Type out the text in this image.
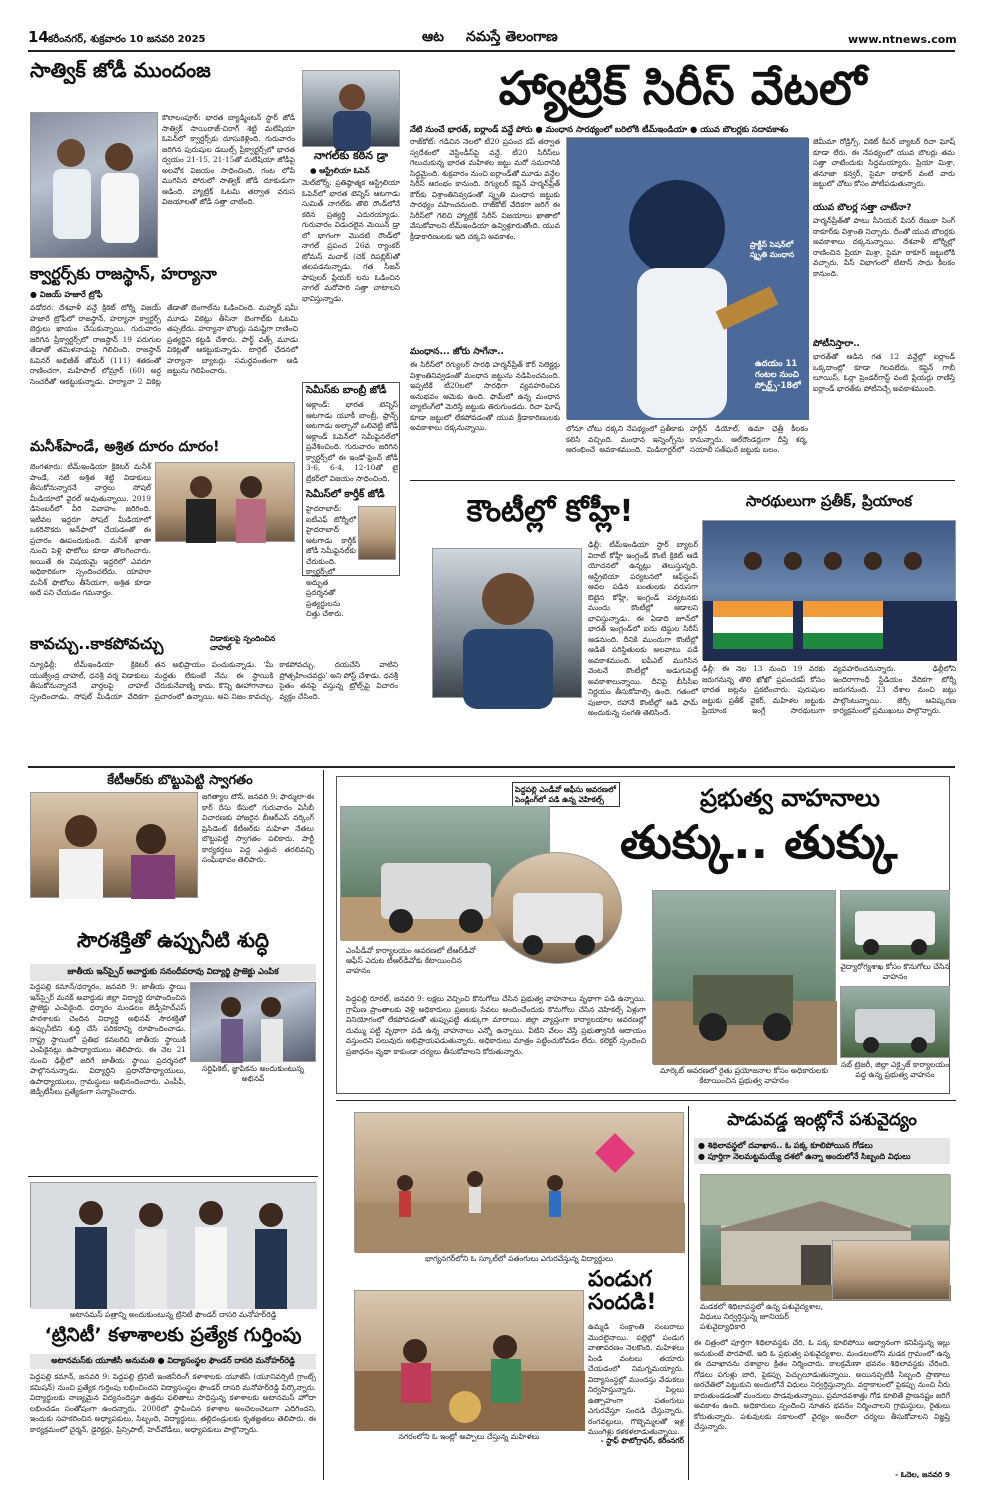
14 కరీంనగర్, శుక్రవారం 10 జనవరి 2025	ఆట నమస్తే తెలంగాణ	www.ntnews.com
సాత్విక్ జోడీ ముందంజ
కౌలాలంపూర్: భారత బ్యాడ్మింటన్ స్టార్ జోడీ సాత్విక్ సాయిరాజ్-చిరాగ్ శెట్టి మలేషియా ఓపెన్‌లో క్వార్టర్స్‌కు దూసుకెళ్లింది. గురువారం జరిగిన పురుషుల డబుల్స్ ప్రీక్వార్టర్స్‌లో భారత ద్వయం 21-15, 21-15తో మలేషియా జోడీపై అలవోక విజయం సాధించింది. గంట లోపే ముగిసిన పోరులో సాత్విక్ జోడీ దూకుడుగా ఆడింది. హ్యాట్రిక్ ఓటమి తర్వాత వరుస విజయాలతో జోడీ సత్తా చాటింది.
నాగల్‌కు కఠిన డ్రా
● ఆస్ట్రేలియా ఓపెన్
మెల్‌బోర్న్: ప్రతిష్ఠాత్మక ఆస్ట్రేలియా ఓపెన్‌లో భారత టెన్నిస్ ఆటగాడు సుమిత్ నాగల్‌కు తొలి రౌండ్‌లోనే కఠిన ప్రత్యర్థి ఎదురయ్యాడు. గురువారం విడుదలైన మెయిన్ డ్రా లో భాగంగా మొదటి రౌండ్‌లో నాగల్ ప్రపంచ 26వ ర్యాంకర్ టోమస్ మచాక్ (చెక్ రిపబ్లిక్)తో తలపడనున్నాడు. గత సీజన్ పాపులర్ ప్లేయర్ లను ఓడించిన నాగల్ మరోసారి సత్తా చాటాలని భావిస్తున్నాడు.
క్వార్టర్స్‌కు రాజస్థాన్, హర్యానా
● విజయ్ హజారే ట్రోఫీ
వడోదర: దేశవాళీ వన్డే క్రికెట్ టోర్నీ విజయ్ హజారే ట్రోఫీలో రాజస్థాన్, హర్యానా క్వార్టర్స్ బెర్తులు ఖాయం చేసుకున్నాయి. గురువారం జరిగిన ప్రీక్వార్టర్స్‌లో రాజస్థాన్ 19 పరుగుల తేడాతో తమిళనాడుపై గెలిచింది. రాజస్థాన్ ఓపెనర్ అభిజీత్ తోమర్ (111) శతకంతో రాణించగా, మహిపాల్ లోమ్రార్ (60) అర్ధ సెంచరీతో ఆకట్టుకున్నాడు. హర్యానా 2 వికెట్ల తేడాతో బెంగాల్‌ను ఓడించింది. మహ్మద్ షమీ మూడు వికెట్లు తీసినా బెంగాల్‌కు ఓటమి తప్పలేదు. హర్యానా బౌలర్లు సమష్టిగా రాణించి ప్రత్యర్థిని కట్టడి చేశారు. పార్థ్ వత్స్ మూడు వికెట్లతో ఆకట్టుకున్నాడు. టార్గెట్ ఛేదనలో హర్యానా బ్యాటర్లు సమర్థవంతంగా ఆడి జట్టును గెలిపించారు.
సెమీస్‌కు బాంబ్రీ జోడీ
ఆక్లాండ్: భారత టెన్నిస్ ఆటగాడు యూకీ బాంబ్రీ, ఫ్రాన్స్ ఆటగాడు అల్బానో ఒలివెట్టి జోడీ ఆక్లాండ్ ఓపెన్‌లో సెమీఫైనల్‌లో ప్రవేశించింది. గురువారం జరిగిన క్వార్టర్స్‌లో ఈ ఇండో-ఫ్రెంచ్ జోడీ 3-6, 6-4, 12-10తో టై బ్రేకర్‌లో విజయం సాధించింది.
సెమీస్‌లో కార్తీక్ జోడీ
హైదరాబాద్: ఐటీఎఫ్ టోర్నీలో హైదరాబాద్ ఆటగాడు కార్తీక్ జోడీ సెమీఫైనల్‌కు చేరుకుంది. క్వార్టర్స్‌లో అద్భుత ప్రదర్శనతో ప్రత్యర్థులను చిత్తు చేశారు.
మనీశ్‌పాండే, అశ్రిత దూరం దూరం!
బెంగళూరు: టీమ్‌ఇండియా క్రికెటర్ మనీశ్ పాండే, నటి అశ్రిత శెట్టి విడాకులు తీసుకోనున్నారనే వార్తలు సోషల్ మీడియాలో వైరల్ అవుతున్నాయి. 2019 డిసెంబర్‌లో వీరి వివాహం జరిగింది. ఇటీవల ఇద్దరూ సోషల్ మీడియాలో ఒకరినొకరు అన్‌ఫాలో చేయడంతో ఈ ప్రచారం ఊపందుకుంది. మనీశ్ ఖాతా నుంచి పెళ్లి ఫొటోలు కూడా తొలగించారు. అయితే ఈ విషయమై ఇద్దరిలో ఎవరూ అధికారికంగా స్పందించలేదు. యాహూ మనీశ్ ఫొటోలు తీసేయగా, అశ్రిత కూడా అదే పని చేయడం గమనార్హం.
కావచ్చు..కాకపోవచ్చు	విడాకులపై స్పందించిన చాహల్
న్యూఢిల్లీ: టీమ్‌ఇండియా క్రికెటర్ యుజ్వేంద్ర చాహల్, ధనశ్రీ వర్మ విడాకులు తీసుకోనున్నారనే వార్తలపై చాహల్ స్పందించాడు. సోషల్ మీడియా వేదికగా తన అభిప్రాయం పంచుకున్నాడు. ‘మీ మద్దతు లేకుంటే నేను ఈ స్థాయికి చేరుకునేవాణ్ని కాదు. కొన్ని ఊహాగానాలు ప్రచారంలో ఉన్నాయి. అవి నిజం కావచ్చు, కాకపోవచ్చు. దయచేసి వాటిని ప్రోత్సహించవద్దు’ అని పోస్ట్ చేశాడు. ధనశ్రీ సైతం తనపై వస్తున్న ట్రోల్స్‌పై విచారం వ్యక్తం చేసింది.
హ్యాట్రిక్ సిరీస్ వేటలో
నేటి నుంచే భారత్, ఐర్లాండ్ వన్డే పోరు ● మంధాన సారథ్యంలో బరిలోకి టీమ్‌ఇండియా ● యువ బౌలర్లకు సదావకాశం
రాజ్‌కోట్: గడిచిన నెలలో టీ20 ప్రపంచ కప్ తర్వాత స్వదేశంలో వెస్టిండీస్‌పై వన్డే, టీ20 సిరీస్‌లు గెలుచుకున్న భారత మహిళల జట్టు మరో సమరానికి సిద్ధమైంది. శుక్రవారం నుంచి ఐర్లాండ్‌తో మూడు వన్డేల సిరీస్ ఆరంభం కానుంది. రెగ్యులర్ కెప్టెన్ హర్మన్‌ప్రీత్ కౌర్‌కు విశ్రాంతినివ్వడంతో స్మృతి మంధాన జట్టుకు సారథ్యం వహించనుంది. రాజ్‌కోట్ వేదికగా జరిగే ఈ సిరీస్‌లో గెలిచి హ్యాట్రిక్ సిరీస్ విజయాలు ఖాతాలో వేసుకోవాలని టీమ్‌ఇండియా ఉవ్విళ్లూరుతోంది. యువ క్రీడాకారిణులకు ఇది చక్కని అవకాశం.
మంధాన... జోరు సాగేనా..
ఈ సిరీస్‌లో రెగ్యులర్ సారథి హర్మన్‌ప్రీత్ కౌర్ సెలెక్టర్లు విశ్రాంతినివ్వడంతో మంధాన జట్టును నడిపించనుంది. ఇప్పటికే టీ20లలో సారథిగా వ్యవహరించిన అనుభవం ఆమెకు ఉంది. ఫామ్‌లో ఉన్న మంధాన బ్యాటింగ్‌లో మెరిస్తే జట్టుకు తిరుగుండదు. రిచా ఘోష్ కూడా జట్టులో లేకపోవడంతో యువ క్రీడాకారిణులకు అవకాశాలు దక్కనున్నాయి.
ప్రాక్టీస్ సెషన్‌లో స్మృతి మంధాన
ఉదయం 11 గంటల నుంచి స్పోర్ట్స్-18లో
జెమీమా రోడ్రిగ్స్, వికెట్ కీపర్ బ్యాటర్ రిచా ఘోష్ కూడా లేరు. ఈ నేపథ్యంలో యువ బౌలర్లు తమ సత్తా చాటేందుకు సిద్ధమయ్యారు. ప్రియా మిశ్రా, తనూజా కన్వర్, సైమా ఠాకూర్ వంటి వారు జట్టులో చోటు కోసం పోటీపడుతున్నారు.
యువ బౌలర్ల సత్తా చాటేనా?
హర్మన్‌ప్రీత్‌తో పాటు సీనియర్ పేసర్ రేణుకా సింగ్ ఠాకూర్‌కు విశ్రాంతి నిచ్చారు. దీంతో యువ బౌలర్లకు అవకాశాలు దక్కనున్నాయి. దేశవాళీ టోర్నీల్లో రాణించిన ప్రియా మిశ్రా, సైమా ఠాకూర్ జట్టులోకి వచ్చారు. పేస్ విభాగంలో టిటాస్ సాధు కీలకం కానుంది.
పోటీనిస్తారా..
భారత్‌తో ఆడిన గత 12 వన్డేల్లో ఐర్లాండ్ ఒక్కదాంట్లో కూడా గెలవలేదు. కెప్టెన్ గాబీ లూయిస్, ఓర్లా ప్రెండర్‌గాస్ట్ వంటి ప్లేయర్లు రాణిస్తే ఐర్లాండ్ భారత్‌కు పోటీనిచ్చే అవకాశముంది.
లోనూ చోటు దక్కని నేపథ్యంలో ప్రతీకాకు కలిసి వచ్చింది. మంధాన ఇన్నింగ్స్‌ను ఆరంభించే అవకాశముంది. మిడిలార్డర్‌లో హర్లీన్ డియోల్, ఉమా ఛెత్రీ కీలకం కానున్నారు. ఆల్‌రౌండర్లుగా దీప్తి శర్మ, సయాలీ సత్‌ఘరే జట్టుకు బలం.
కౌంటీల్లో కోహ్లీ!
ఢిల్లీ: టీమ్‌ఇండియా స్టార్ బ్యాటర్ విరాట్ కోహ్లీ ఇంగ్లండ్ కౌంటీ క్రికెట్ ఆడే యోచనలో ఉన్నట్లు తెలుస్తున్నది. ఆస్ట్రేలియా పర్యటనలో ఆఫ్‌స్టంప్ ఆవల పడిన బంతులకు వరుసగా ఔటైన కోహ్లీ, ఇంగ్లండ్ పర్యటనకు ముందు కౌంటీల్లో ఆడాలని భావిస్తున్నాడు. ఈ ఏడాది జూన్‌లో భారత్ ఇంగ్లండ్‌లో ఐదు టెస్టుల సిరీస్ ఆడనుంది. దీనికి ముందుగా కౌంటీల్లో ఆడితే పరిస్థితులకు అలవాటు పడే అవకాశముంది. ఐపీఎల్ ముగిసిన వెంటనే కౌంటీల్లో అడుగుపెట్టే అవకాశాలున్నాయి. దీనిపై బీసీసీఐ నిర్ణయం తీసుకోవాల్సి ఉంది. గతంలో పుజారా, రహానే కౌంటీల్లో ఆడి ఫామ్ అందుకున్న సంగతి తెలిసిందే.
సారథులుగా ప్రతీక్, ప్రియాంక
ఢిల్లీ: ఈ నెల 13 నుంచి 19 వరకు జరుగనున్న తొలి ఖోఖో ప్రపంచకప్ కోసం భారత జట్లను ప్రకటించారు. పురుషుల జట్టుకు ప్రతీక్ వైకర్, మహిళల జట్టుకు ప్రియాంక ఇంగ్లే సారథులుగా వ్యవహరించనున్నారు. ఢిల్లీలోని ఇందిరాగాంధీ స్టేడియం వేదికగా టోర్నీ జరుగనుంది. 23 దేశాల నుంచి జట్లు పాల్గొంటున్నాయి. జెర్సీ ఆవిష్కరణ కార్యక్రమంలో ప్రముఖులు పాల్గొన్నారు.
కేటీఆర్‌కు బొట్టుపెట్టి స్వాగతం
జగిత్యాల టౌన్, జనవరి 9: ఫార్ములా-ఈ కార్ రేసు కేసులో గురువారం ఏసీబీ విచారణకు హాజరైన బీఆర్‌ఎస్ వర్కింగ్ ప్రెసిడెంట్ కేటీఆర్‌కు మహిళా నేతలు బొట్టుపెట్టి స్వాగతం పలికారు. పార్టీ కార్యకర్తలు పెద్ద ఎత్తున తరలివచ్చి సంఘీభావం తెలిపారు.
సౌరశక్తితో ఉప్పునీటి శుద్ధి
జాతీయ ఇన్‌స్పైర్ అవార్డుకు సనందీపరావు విద్యార్థి ప్రాజెక్టు ఎంపిక
పెద్దపల్లి కమాన్/ధర్మారం, జనవరి 9: జాతీయ స్థాయి ఇన్‌స్పైర్ మనక్ అవార్డుకు జిల్లా విద్యార్థి రూపొందించిన ప్రాజెక్టు ఎంపికైంది. ధర్మారం మండలం జెడ్పీహెచ్‌ఎస్ పాఠశాలకు చెందిన విద్యార్థి అభినవ్ సౌరశక్తితో ఉప్పునీటిని శుద్ధి చేసే పరికరాన్ని రూపొందించాడు. రాష్ట్ర స్థాయిలో ప్రతిభ కనబరిచి జాతీయ స్థాయికి ఎంపికైనట్లు ఉపాధ్యాయులు తెలిపారు. ఈ నెల 21 నుంచి ఢిల్లీలో జరిగే జాతీయ స్థాయి ప్రదర్శనలో పాల్గొననున్నాడు. విద్యార్థిని ప్రధానోపాధ్యాయులు, ఉపాధ్యాయులు, గ్రామస్థులు అభినందించారు. ఎంపీపీ, జెడ్పీటీసీలు ప్రత్యేకంగా సన్మానించారు.
సర్టిఫికెట్, జ్ఞాపికను అందుకుంటున్న అభినవ్
అటానమస్ పత్రాన్ని అందుకుంటున్న ట్రినిటీ ఫౌండర్ దాసరి మనోహర్‌రెడ్డి
‘ట్రినిటీ’ కళాశాలకు ప్రత్యేక గుర్తింపు
అటానమస్‌కు యూజీసీ అనుమతి ● విద్యాసంస్థల ఫౌండర్ దాసరి మనోహర్‌రెడ్డి
పెద్దపల్లి కమాన్, జనవరి 9: పెద్దపల్లి ట్రినిటీ ఇంజినీరింగ్ కళాశాలకు యూజీసీ (యూనివర్సిటీ గ్రాంట్స్ కమిషన్) నుంచి ప్రత్యేక గుర్తింపు లభించిందని విద్యాసంస్థల ఫౌండర్ దాసరి మనోహర్‌రెడ్డి పేర్కొన్నారు. విద్యార్థులకు నాణ్యమైన విద్యనందిస్తూ ఉత్తమ ఫలితాలు సాధిస్తున్న కళాశాలకు అటానమస్ హోదా లభించడం సంతోషంగా ఉందన్నారు. 2008లో స్థాపించిన కళాశాల అంచెలంచెలుగా ఎదిగిందని, ఇందుకు సహకరించిన అధ్యాపకులు, సిబ్బంది, విద్యార్థులు, తల్లిదండ్రులకు కృతజ్ఞతలు తెలిపారు. ఈ కార్యక్రమంలో చైర్మన్, డైరెక్టర్లు, ప్రిన్సిపాల్, హెచ్‌వోడీలు, అధ్యాపకులు పాల్గొన్నారు.
పెద్దపల్లి ఎండీవో ఆఫీసు ఆవరణలో పెండ్లింగ్‌లో పడి ఉన్న వెహికల్స్
ఎంపీడీవో కార్యాలయం ఆవరణలో టీఆర్‌డీవో ఆఫీస్ ఎదుట టీఆర్‌డీవోకు కేటాయించిన వాహనం
ప్రభుత్వ వాహనాలు
తుక్కు.. తుక్కు
మార్కెట్ ఆవరణలో రైతు ప్రయోజనాల కోసం అధికారులకు కేటాయించిన ప్రభుత్వ వాహనం
వైద్యారోగ్యశాఖ కోసం కొనుగోలు చేసిన వాహనం
సబ్ ట్రెజరీ, జిల్లా ఎక్సైజ్ కార్యాలయం వద్ద ఉన్న ప్రభుత్వ వాహనం
పెద్దపల్లి రూరల్, జనవరి 9: లక్షలు వెచ్చించి కొనుగోలు చేసిన ప్రభుత్వ వాహనాలు వృథాగా పడి ఉన్నాయి. గ్రామీణ ప్రాంతాలకు వెళ్లి అధికారులు ప్రజలకు సేవలు అందించేందుకు కొనుగోలు చేసిన వెహికల్స్ ఏళ్లుగా వినియోగంలో లేకపోవడంతో తుప్పుపట్టి తుక్కుగా మారాయి. జిల్లా వ్యాప్తంగా కార్యాలయాల ఆవరణల్లో దుమ్ము పట్టి వృథాగా పడి ఉన్న వాహనాలు ఎన్నో ఉన్నాయి. వీటిని వేలం వేస్తే ప్రభుత్వానికి ఆదాయం వస్తుందని పలువురు అభిప్రాయపడుతున్నారు. అధికారులు మాత్రం పట్టించుకోవడం లేదు. కలెక్టర్ స్పందించి ప్రజాధనం వృథా కాకుండా చర్యలు తీసుకోవాలని కోరుతున్నారు.
భాగ్యనగర్‌లోని ఓ స్కూల్‌లో పతంగులు ఎగురవేస్తున్న విద్యార్థులు
నగరంలోని ఓ ఇంట్లో అప్పాలు చేస్తున్న మహిళలు
పండుగ సందడి!
ఉమ్మడి సంక్రాంతి సంబరాలు మొదలైనాయి. పల్లెల్లో పండుగ వాతావరణం నెలకొంది. మహిళలు పిండి వంటలు తయారు చేయడంలో నిమగ్నమయ్యారు. విద్యాసంస్థల్లో ముందస్తు వేడుకలు నిర్వహిస్తున్నారు. పిల్లలు ఉత్సాహంగా పతంగులు ఎగురవేస్తూ సందడి చేస్తున్నారు. రంగవల్లులు, గొబ్బెమ్మలతో ఇళ్ల ముంగిళ్లు కళకళలాడుతున్నాయి.
- స్టాఫ్ ఫొటోగ్రాఫర్, కరీంనగర్
పాడువడ్డ ఇంట్లోనే పశువైద్యం
● శిథిలావస్థలో దవాఖాన.. ఓ పక్క కూలిపోయిన గోడలు
● పూర్తిగా నెలమట్టమయ్యే దశలో ఉన్నా అందులోనే సిబ్బంది విధులు
మడకలో శిథిలావస్థలో ఉన్న పశువైద్యశాల, విధులు నిర్వర్తిస్తున్న జూనియర్ పశువైద్యాధికారి
ఈ చిత్రంలో పూర్తిగా శిథిలావస్థకు చేరి, ఓ పక్క కూలిపోయి ఆధ్వానంగా కనిపిస్తున్న ఇల్లు అనుకుంటే పొరపాటే. ఇది ఓ ప్రభుత్వ పశువైద్యశాల. మండలంలోని మడక గ్రామంలో ఉన్న ఈ దవాఖానను దశాబ్దాల క్రితం నిర్మించారు. కాలక్రమేణా భవనం శిథిలావస్థకు చేరింది. గోడలు పగుళ్లు బారి, పైకప్పు పెచ్చులూడుతున్నాయి. అయినప్పటికీ సిబ్బంది ప్రాణాలు అరచేతిలో పెట్టుకుని అందులోనే విధులు నిర్వర్తిస్తున్నారు. వర్షాకాలంలో పైకప్పు నుంచి నీరు కారుతుండడంతో మందులు పాడవుతున్నాయి. ప్రమాదవశాత్తు గోడ కూలితే ప్రాణనష్టం జరిగే అవకాశం ఉంది. అధికారులు స్పందించి నూతన భవనం నిర్మించాలని గ్రామస్థులు, రైతులు కోరుతున్నారు. పశువులకు సకాలంలో వైద్యం అందేలా చర్యలు తీసుకోవాలని విజ్ఞప్తి చేస్తున్నారు.
- ఓదెల, జనవరి 9
